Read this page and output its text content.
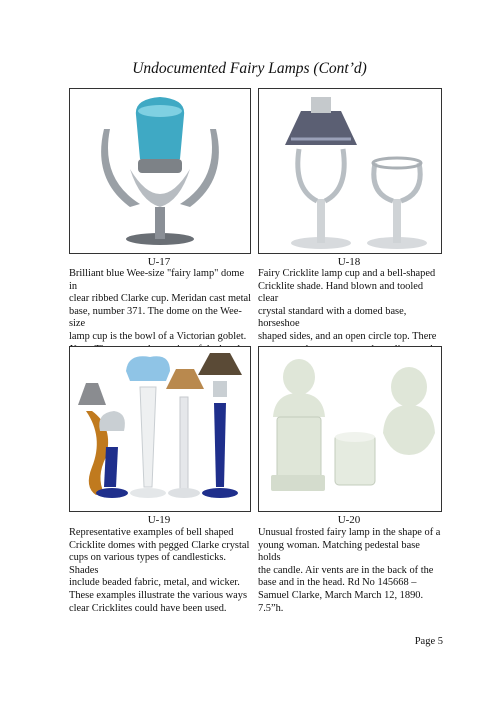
Undocumented Fairy Lamps (Cont’d)
U-17	U-18
Brilliant blue Wee-size "fairy lamp" dome in
clear ribbed Clarke cup. Meridan cast metal
base, number 371. The dome on the Wee-size
lamp cup is the bowl of a Victorian goblet.
Fairy Cricklite lamp cup and a bell-shaped
Cricklite shade. Hand blown and tooled clear
crystal standard with a domed base, horseshoe
shaped sides, and an open circle top. There
U-19	U-20
Representative examples of bell shaped
Cricklite domes with pegged Clarke crystal
cups on various types of candlesticks. Shades
include beaded fabric, metal, and wicker.
These examples illustrate the various ways
clear Cricklites could have been used.
Unusual frosted fairy lamp in the shape of a
young woman. Matching pedestal base holds
the candle. Air vents are in the back of the
base and in the head. Rd No 145668 –
Samuel Clarke, March March 12, 1890.
7.5”h.
Page 5
